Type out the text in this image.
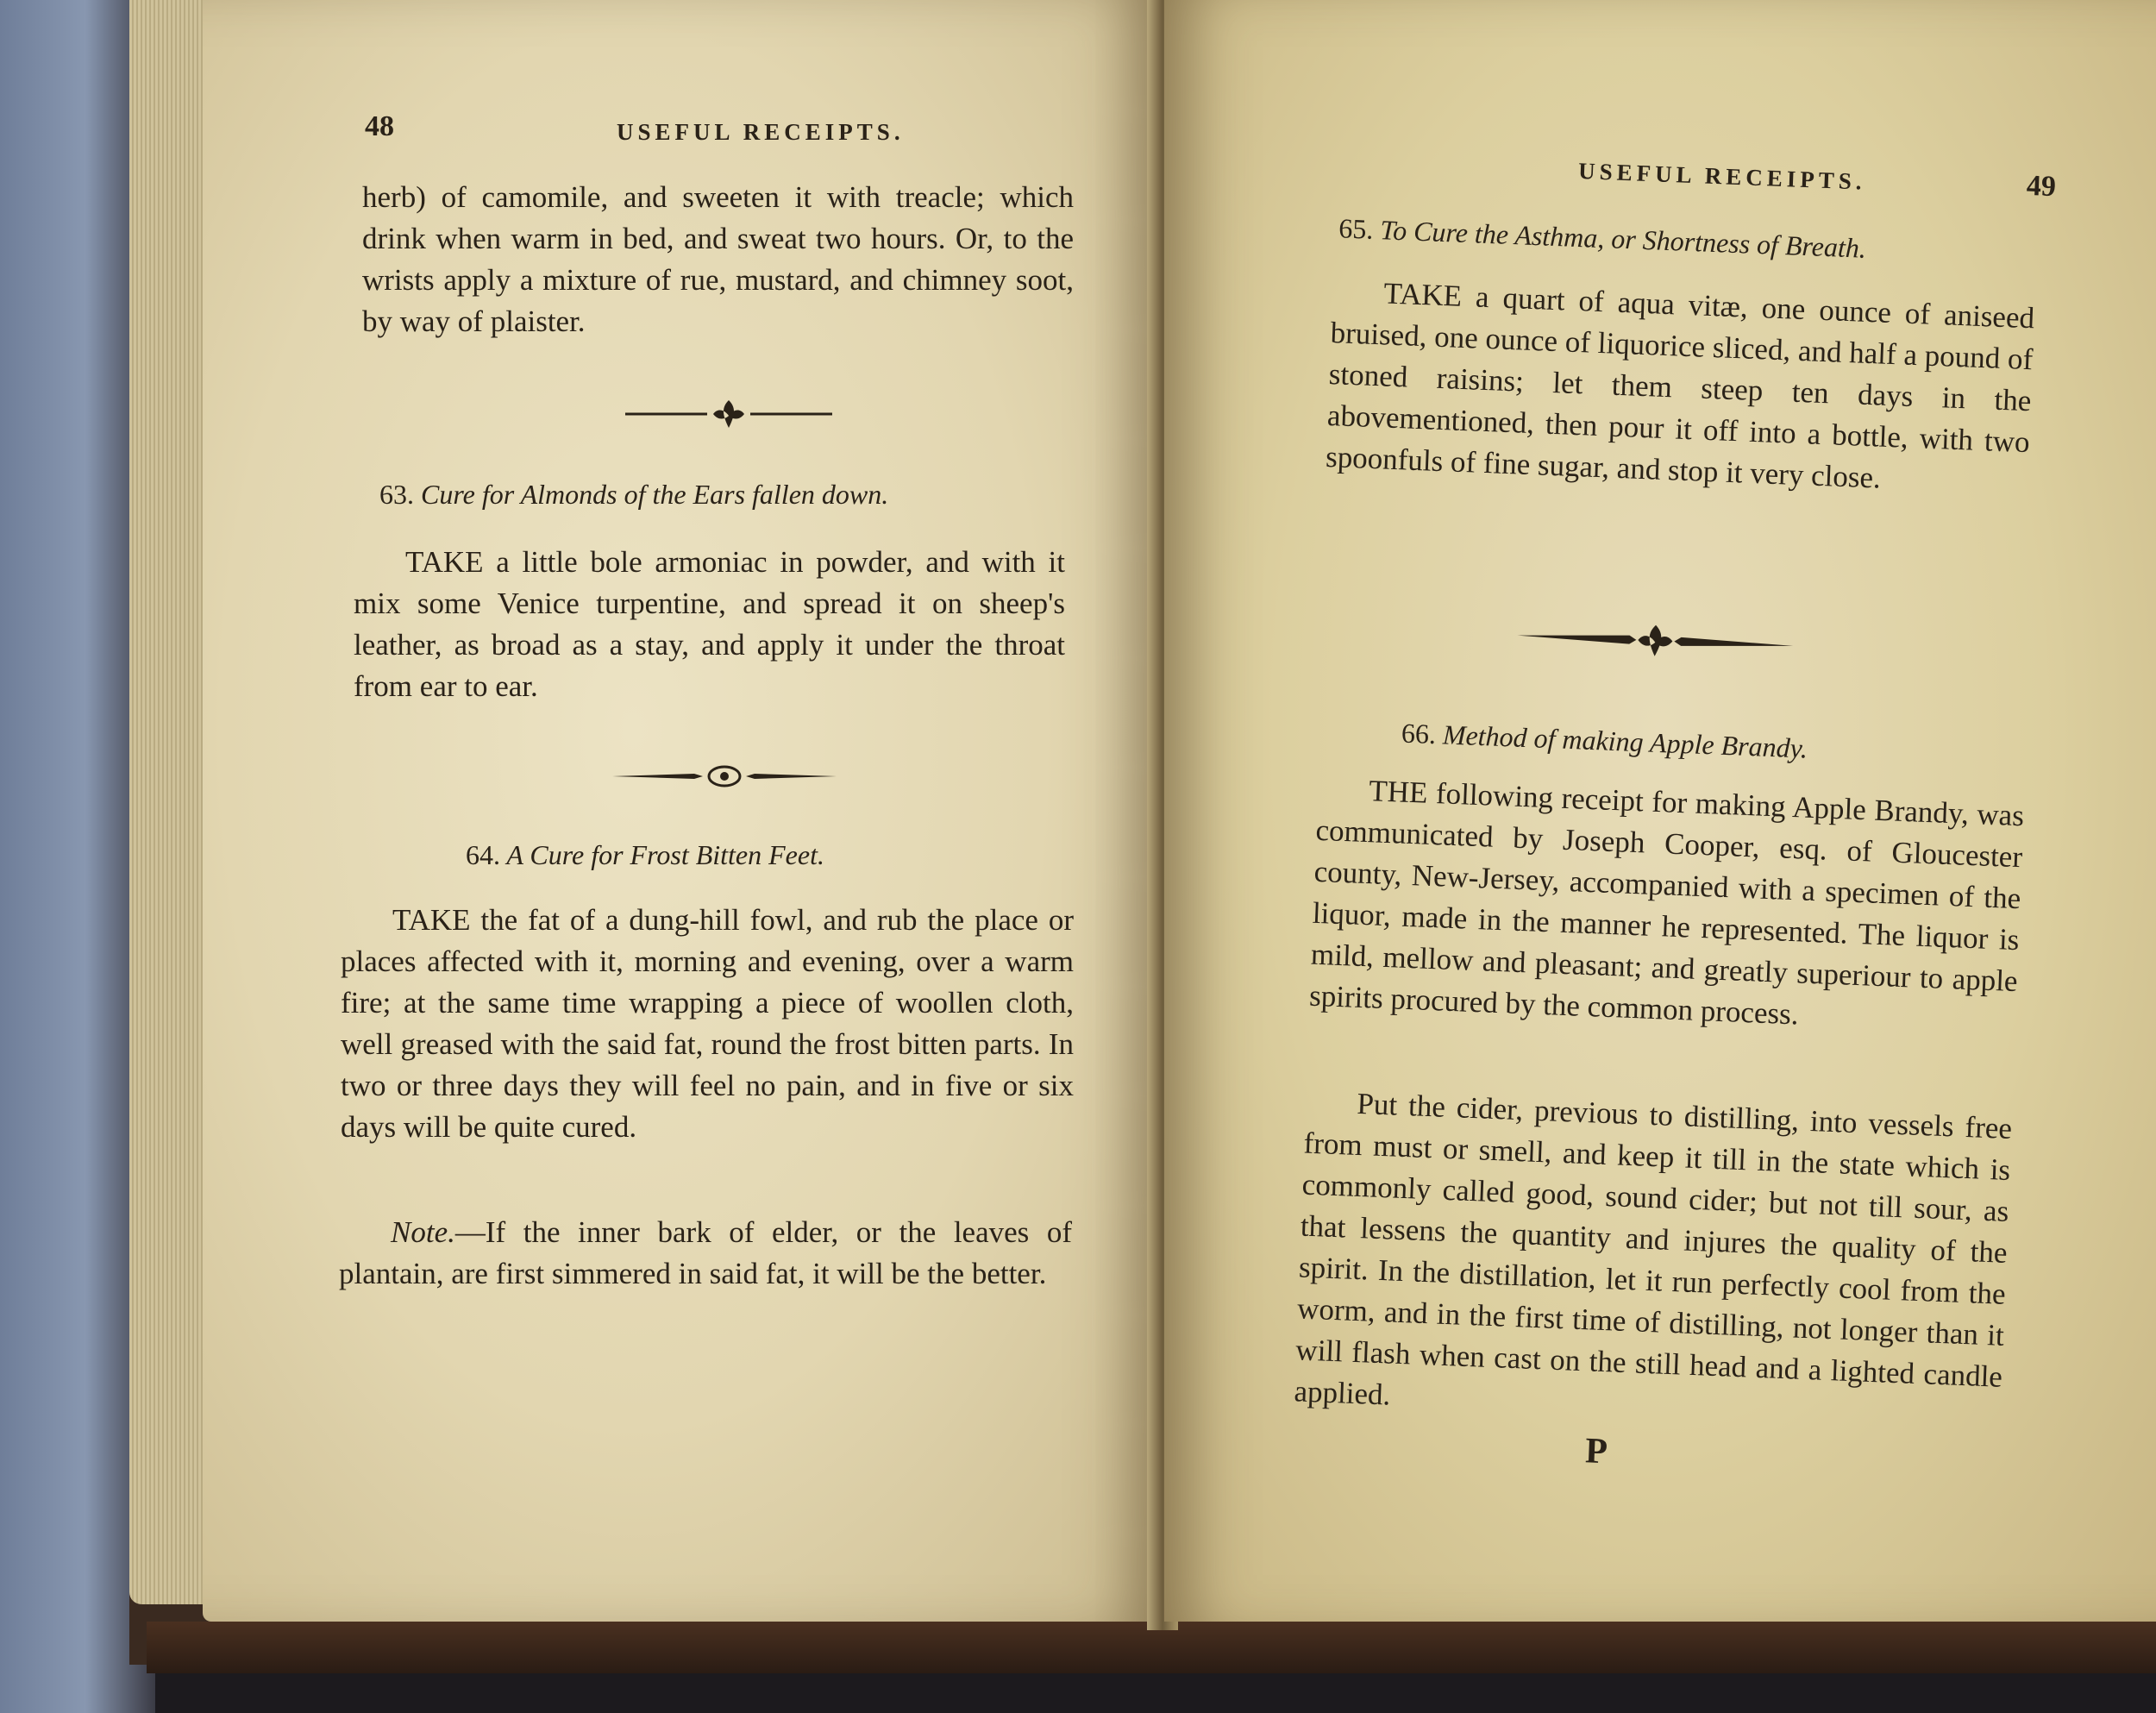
48	USEFUL RECEIPTS.
herb) of camomile, and sweeten it with treacle; which drink when warm in bed, and sweat two hours. Or, to the wrists apply a mixture of rue, mustard, and chimney soot, by way of plaister.
63. Cure for Almonds of the Ears fallen down.
TAKE a little bole armoniac in powder, and with it mix some Venice turpentine, and spread it on sheep's leather, as broad as a stay, and apply it under the throat from ear to ear.
64. A Cure for Frost Bitten Feet.
TAKE the fat of a dung-hill fowl, and rub the place or places affected with it, morning and evening, over a warm fire; at the same time wrapping a piece of woollen cloth, well greased with the said fat, round the frost bitten parts. In two or three days they will feel no pain, and in five or six days will be quite cured.
Note.—If the inner bark of elder, or the leaves of plantain, are first simmered in said fat, it will be the better.
USEFUL RECEIPTS.	49
65. To Cure the Asthma, or Shortness of Breath.
TAKE a quart of aqua vitæ, one ounce of aniseed bruised, one ounce of liquorice sliced, and half a pound of stoned raisins; let them steep ten days in the abovementioned, then pour it off into a bottle, with two spoonfuls of fine sugar, and stop it very close.
66. Method of making Apple Brandy.
THE following receipt for making Apple Brandy, was communicated by Joseph Cooper, esq. of Gloucester county, New-Jersey, accompanied with a specimen of the liquor, made in the manner he represented. The liquor is mild, mellow and pleasant; and greatly superiour to apple spirits procured by the common process.
Put the cider, previous to distilling, into vessels free from must or smell, and keep it till in the state which is commonly called good, sound cider; but not till sour, as that lessens the quantity and injures the quality of the spirit. In the distillation, let it run perfectly cool from the worm, and in the first time of distilling, not longer than it will flash when cast on the still head and a lighted candle applied.
P
